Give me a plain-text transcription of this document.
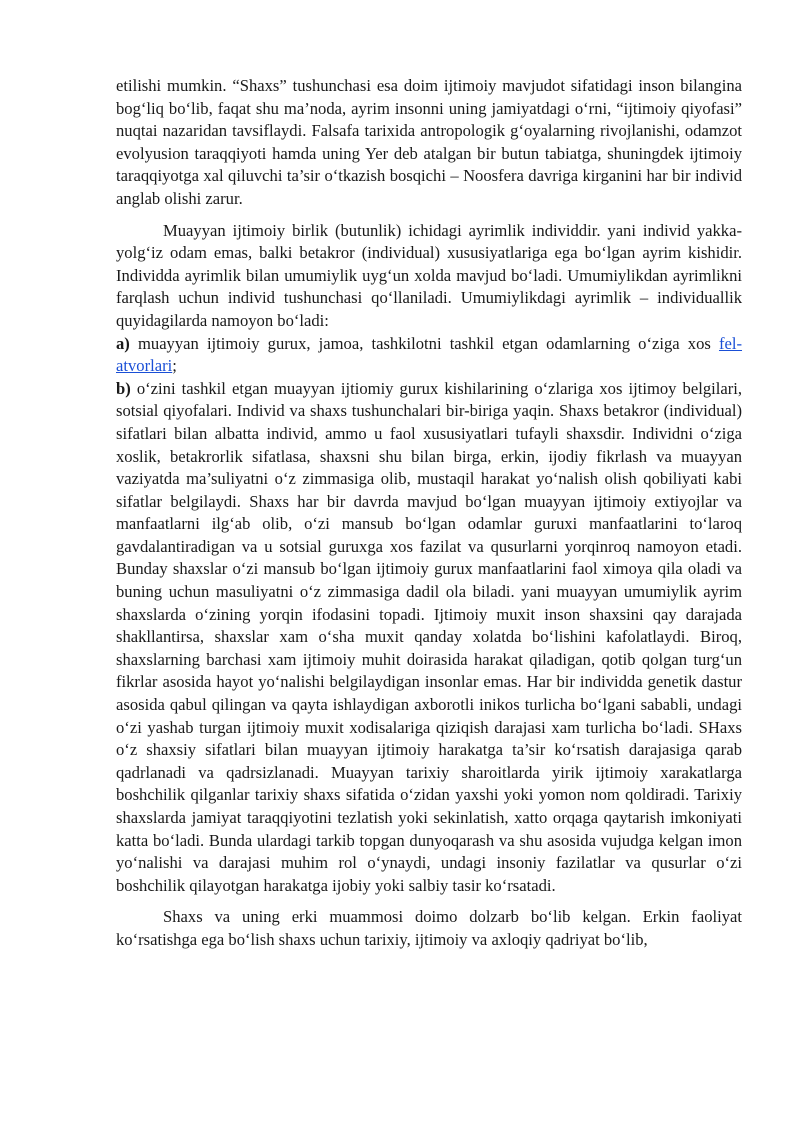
etilishi mumkin. “Shaxs” tushunchasi esa doim ijtimoiy mavjudot sifatidagi inson bilangina bog‘liq bo‘lib, faqat shu ma’noda, ayrim insonni uning jamiyatdagi o‘rni, “ijtimoiy qiyofasi” nuqtai nazaridan tavsiflaydi. Falsafa tarixida antropologik g‘oyalarning rivojlanishi, odamzot evolyusion taraqqiyoti hamda uning Yer deb atalgan bir butun tabiatga, shuningdek ijtimoiy taraqqiyotga xal qiluvchi ta’sir o‘tkazish bosqichi – Noosfera davriga kirganini har bir individ anglab olishi zarur.

Muayyan ijtimoiy birlik (butunlik) ichidagi ayrimlik individdir. yani individ yakka-yolg‘iz odam emas, balki betakror (individual) xususiyatlariga ega bo‘lgan ayrim kishidir. Individda ayrimlik bilan umumiylik uyg‘un xolda mavjud bo‘ladi. Umumiylikdan ayrimlikni farqlash uchun individ tushunchasi qo‘llaniladi. Umumiylikdagi ayrimlik – individuallik quyidagilarda namoyon bo‘ladi:

a) muayyan ijtimoiy gurux, jamoa, tashkilotni tashkil etgan odamlarning o‘ziga xos fel-atvorlari;

b) o‘zini tashkil etgan muayyan ijtiomiy gurux kishilarining o‘zlariga xos ijtimoy belgilari, sotsial qiyofalari. Individ va shaxs tushunchalari bir-biriga yaqin. Shaxs betakror (individual) sifatlari bilan albatta individ, ammo u faol xususiyatlari tufayli shaxsdir. Individni o‘ziga xoslik, betakrorlik sifatlasa, shaxsni shu bilan birga, erkin, ijodiy fikrlash va muayyan vaziyatda ma’suliyatni o‘z zimmasiga olib, mustaqil harakat yo‘nalish olish qobiliyati kabi sifatlar belgilaydi. Shaxs har bir davrda mavjud bo‘lgan muayyan ijtimoiy extiyojlar va manfaatlarni ilg‘ab olib, o‘zi mansub bo‘lgan odamlar guruxi manfaatlarini to‘laroq gavdalantiradigan va u sotsial guruxga xos fazilat va qusurlarni yorqinroq namoyon etadi. Bunday shaxslar o‘zi mansub bo‘lgan ijtimoiy gurux manfaatlarini faol ximoya qila oladi va buning uchun masuliyatni o‘z zimmasiga dadil ola biladi. yani muayyan umumiylik ayrim shaxslarda o‘zining yorqin ifodasini topadi. Ijtimoiy muxit inson shaxsini qay darajada shakllantirsa, shaxslar xam o‘sha muxit qanday xolatda bo‘lishini kafolatlaydi. Biroq, shaxslarning barchasi xam ijtimoiy muhit doirasida harakat qiladigan, qotib qolgan turg‘un fikrlar asosida hayot yo‘nalishi belgilaydigan insonlar emas. Har bir individda genetik dastur asosida qabul qilingan va qayta ishlaydigan axborotli inikos turlicha bo‘lgani sababli, undagi o‘zi yashab turgan ijtimoiy muxit xodisalariga qiziqish darajasi xam turlicha bo‘ladi. SHaxs o‘z shaxsiy sifatlari bilan muayyan ijtimoiy harakatga ta’sir ko‘rsatish darajasiga qarab qadrlanadi va qadrsizlanadi. Muayyan tarixiy sharoitlarda yirik ijtimoiy xarakatlarga boshchilik qilganlar tarixiy shaxs sifatida o‘zidan yaxshi yoki yomon nom qoldiradi. Tarixiy shaxslarda jamiyat taraqqiyotini tezlatish yoki sekinlatish, xatto orqaga qaytarish imkoniyati katta bo‘ladi. Bunda ulardagi tarkib topgan dunyoqarash va shu asosida vujudga kelgan imon yo‘nalishi va darajasi muhim rol o‘ynaydi, undagi insoniy fazilatlar va qusurlar o‘zi boshchilik qilayotgan harakatga ijobiy yoki salbiy tasir ko‘rsatadi.

Shaxs va uning erki muammosi doimo dolzarb bo‘lib kelgan. Erkin faoliyat ko‘rsatishga ega bo‘lish shaxs uchun tarixiy, ijtimoiy va axloqiy qadriyat bo‘lib,
